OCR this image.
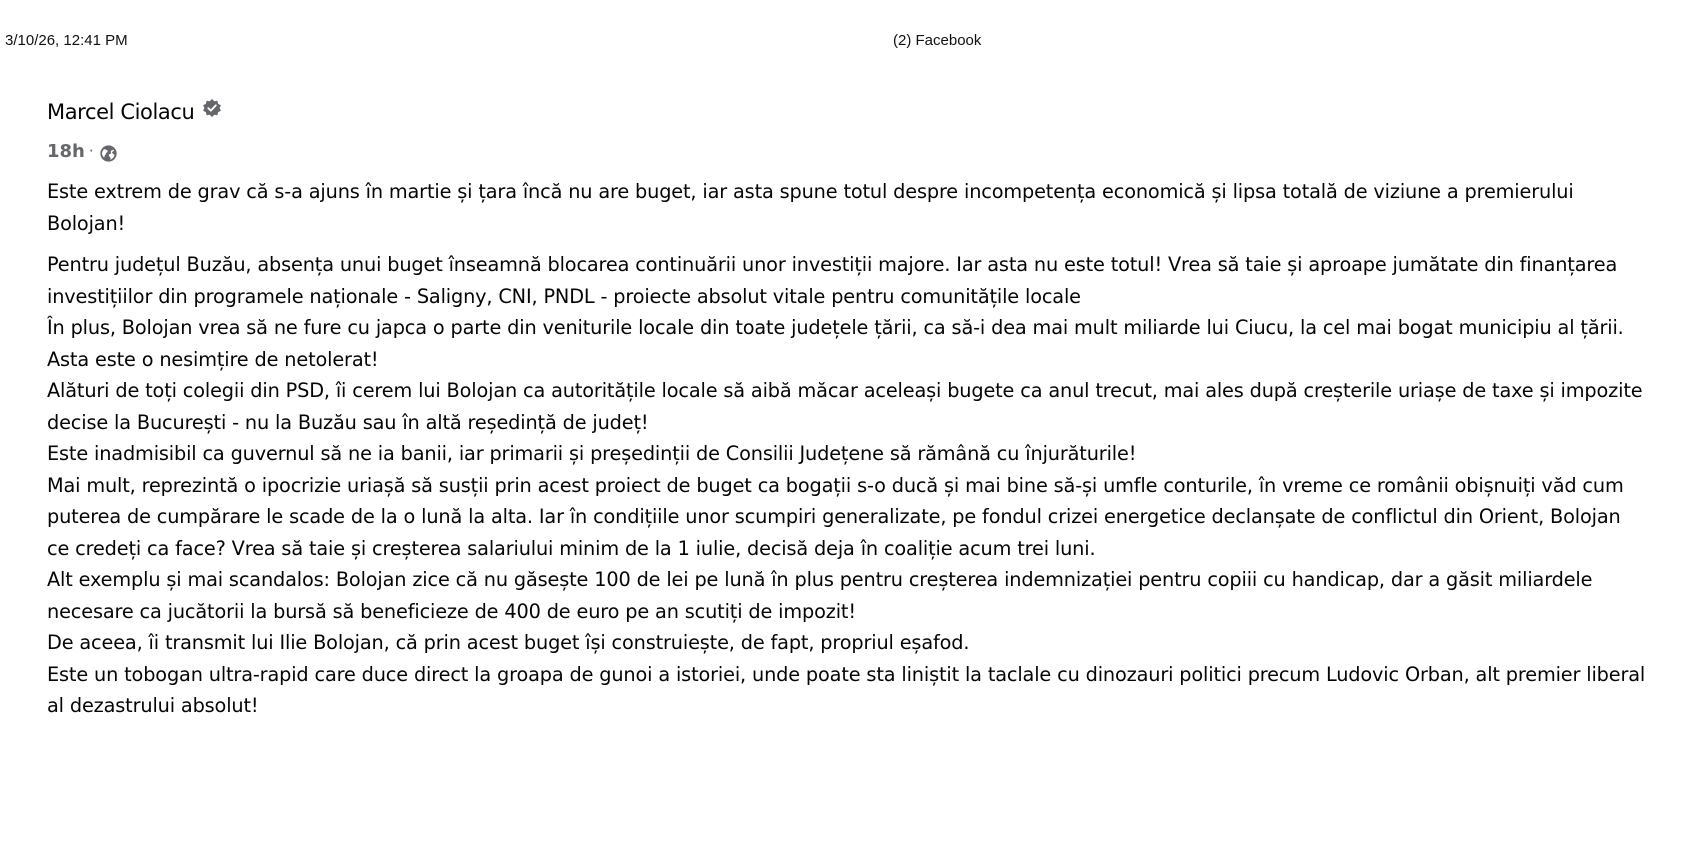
3/10/26, 12:41 PM	(2) Facebook
Marcel Ciolacu
18h ·

Este extrem de grav că s-a ajuns în martie și țara încă nu are buget, iar asta spune totul despre incompetența economică și lipsa totală de viziune a premierului Bolojan!

Pentru județul Buzău, absența unui buget înseamnă blocarea continuării unor investiții majore. Iar asta nu este totul! Vrea să taie și aproape jumătate din finanțarea investițiilor din programele naționale - Saligny, CNI, PNDL - proiecte absolut vitale pentru comunitățile locale

În plus, Bolojan vrea să ne fure cu japca o parte din veniturile locale din toate județele țării, ca să-i dea mai mult miliarde lui Ciucu, la cel mai bogat municipiu al țării. Asta este o nesimțire de netolerat!

Alături de toți colegii din PSD, îi cerem lui Bolojan ca autoritățile locale să aibă măcar aceleași bugete ca anul trecut, mai ales după creșterile uriașe de taxe și impozite decise la București - nu la Buzău sau în altă reședință de județ!

Este inadmisibil ca guvernul să ne ia banii, iar primarii și președinții de Consilii Județene să rămână cu înjurăturile!

Mai mult, reprezintă o ipocrizie uriașă să susții prin acest proiect de buget ca bogații s-o ducă și mai bine să-și umfle conturile, în vreme ce românii obișnuiți văd cum puterea de cumpărare le scade de la o lună la alta. Iar în condițiile unor scumpiri generalizate, pe fondul crizei energetice declanșate de conflictul din Orient, Bolojan ce credeți ca face? Vrea să taie și creșterea salariului minim de la 1 iulie, decisă deja în coaliție acum trei luni.

Alt exemplu și mai scandalos: Bolojan zice că nu găsește 100 de lei pe lună în plus pentru creșterea indemnizației pentru copiii cu handicap, dar a găsit miliardele necesare ca jucătorii la bursă să beneficieze de 400 de euro pe an scutiți de impozit!

De aceea, îi transmit lui Ilie Bolojan, că prin acest buget își construiește, de fapt, propriul eșafod.

Este un tobogan ultra-rapid care duce direct la groapa de gunoi a istoriei, unde poate sta liniștit la taclale cu dinozauri politici precum Ludovic Orban, alt premier liberal al dezastrului absolut!
